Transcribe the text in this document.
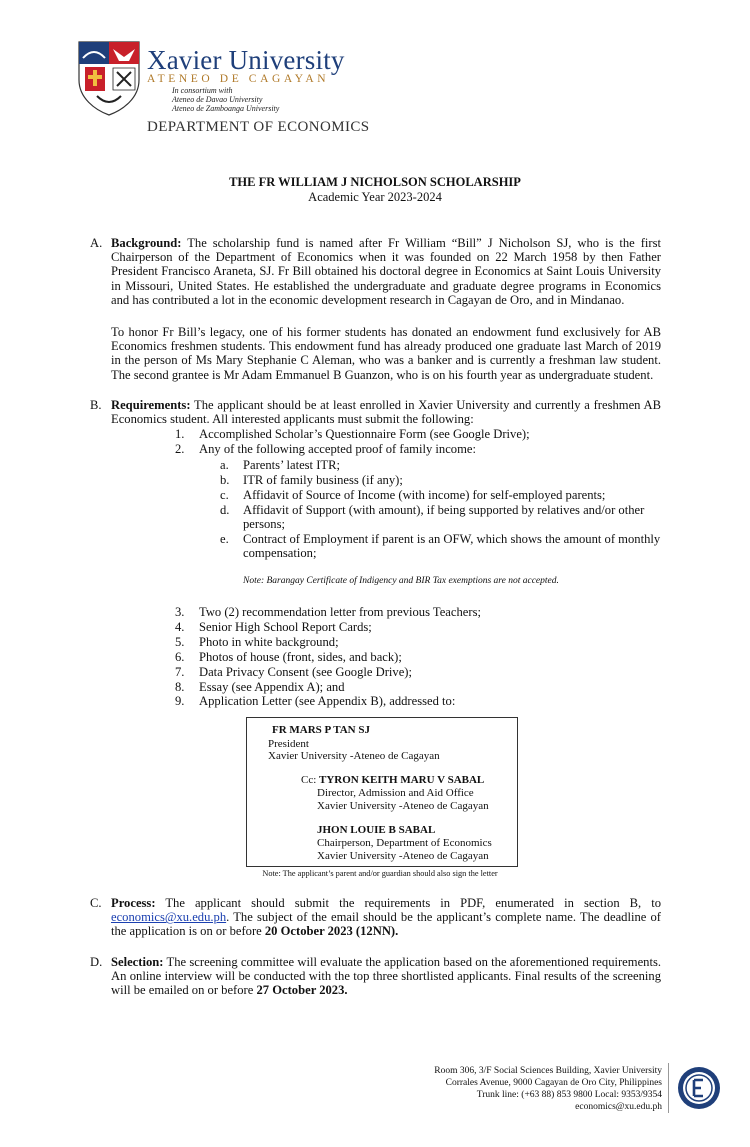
Xavier University
ATENEO DE CAGAYAN
In consortium with
Ateneo de Davao University
Ateneo de Zamboanga University
DEPARTMENT OF ECONOMICS
THE FR WILLIAM J NICHOLSON SCHOLARSHIP
Academic Year 2023-2024
A. Background: The scholarship fund is named after Fr William “Bill” J Nicholson SJ, who is the first
Chairperson of the Department of Economics when it was founded on 22 March 1958 by then Father
President Francisco Araneta, SJ. Fr Bill obtained his doctoral degree in Economics at Saint Louis University
in Missouri, United States. He established the undergraduate and graduate degree programs in Economics
and has contributed a lot in the economic development research in Cagayan de Oro, and in Mindanao.
To honor Fr Bill’s legacy, one of his former students has donated an endowment fund exclusively for AB
Economics freshmen students. This endowment fund has already produced one graduate last March of 2019
in the person of Ms Mary Stephanie C Aleman, who was a banker and is currently a freshman law student.
The second grantee is Mr Adam Emmanuel B Guanzon, who is on his fourth year as undergraduate student.
B. Requirements: The applicant should be at least enrolled in Xavier University and currently a freshmen AB
Economics student. All interested applicants must submit the following:
1. Accomplished Scholar’s Questionnaire Form (see Google Drive);
2. Any of the following accepted proof of family income:
a. Parents’ latest ITR;
b. ITR of family business (if any);
c. Affidavit of Source of Income (with income) for self-employed parents;
d. Affidavit of Support (with amount), if being supported by relatives and/or other persons;
e. Contract of Employment if parent is an OFW, which shows the amount of monthly compensation;
Note: Barangay Certificate of Indigency and BIR Tax exemptions are not accepted.
3. Two (2) recommendation letter from previous Teachers;
4. Senior High School Report Cards;
5. Photo in white background;
6. Photos of house (front, sides, and back);
7. Data Privacy Consent (see Google Drive);
8. Essay (see Appendix A); and
9. Application Letter (see Appendix B), addressed to:
FR MARS P TAN SJ
President
Xavier University -Ateneo de Cagayan
Cc: TYRON KEITH MARU V SABAL
Director, Admission and Aid Office
Xavier University -Ateneo de Cagayan
JHON LOUIE B SABAL
Chairperson, Department of Economics
Xavier University -Ateneo de Cagayan
Note: The applicant’s parent and/or guardian should also sign the letter
C. Process: The applicant should submit the requirements in PDF, enumerated in section B, to
economics@xu.edu.ph. The subject of the email should be the applicant’s complete name. The deadline of
the application is on or before 20 October 2023 (12NN).
D. Selection: The screening committee will evaluate the application based on the aforementioned requirements.
An online interview will be conducted with the top three shortlisted applicants. Final results of the screening
will be emailed on or before 27 October 2023.
Room 306, 3/F Social Sciences Building, Xavier University
Corrales Avenue, 9000 Cagayan de Oro City, Philippines
Trunk line: (+63 88) 853 9800 Local: 9353/9354
economics@xu.edu.ph
